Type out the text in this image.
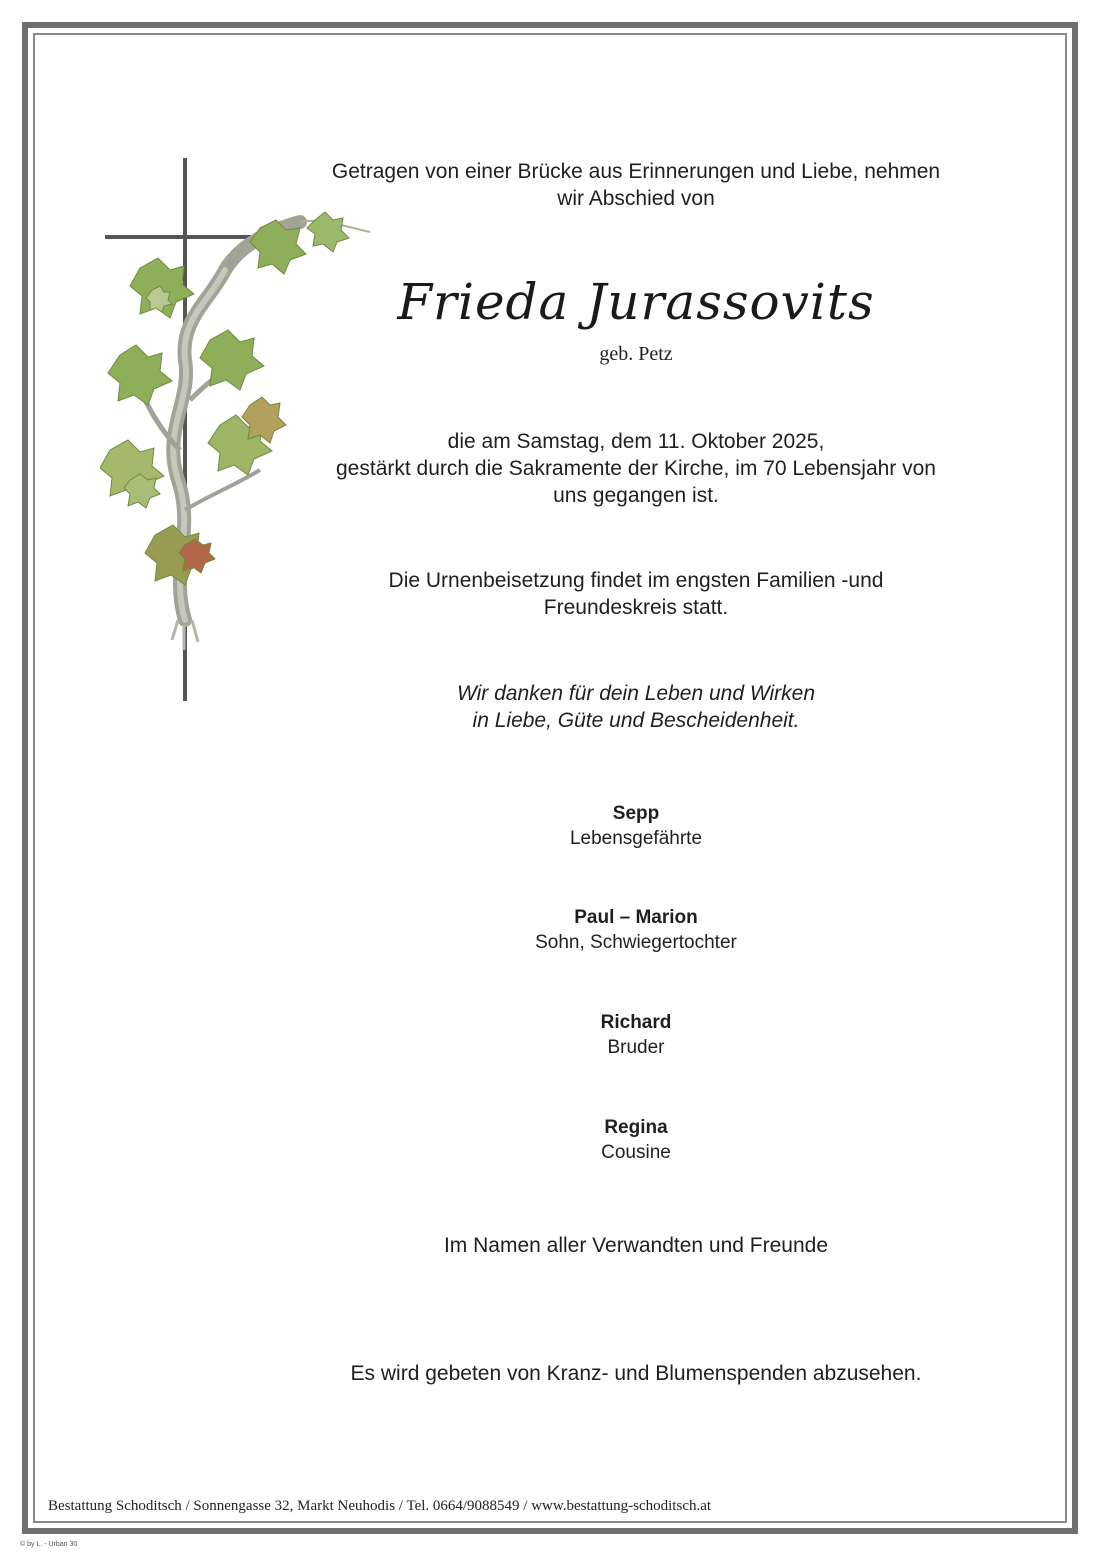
Getragen von einer Brücke aus Erinnerungen und Liebe, nehmen
wir Abschied von
Frieda Jurassovits
geb. Petz
die am Samstag, dem 11. Oktober 2025,
gestärkt durch die Sakramente der Kirche, im 70 Lebensjahr von
uns gegangen ist.
Die Urnenbeisetzung findet im engsten Familien -und
Freundeskreis statt.
Wir danken für dein Leben und Wirken
in Liebe, Güte und Bescheidenheit.
Sepp
Lebensgefährte
Paul – Marion
Sohn, Schwiegertochter
Richard
Bruder
Regina
Cousine
Im Namen aller Verwandten und Freunde
Es wird gebeten von Kranz- und Blumenspenden abzusehen.
Bestattung Schoditsch / Sonnengasse 32, Markt Neuhodis / Tel. 0664/9088549 / www.bestattung-schoditsch.at
© by L. - Urban 30
